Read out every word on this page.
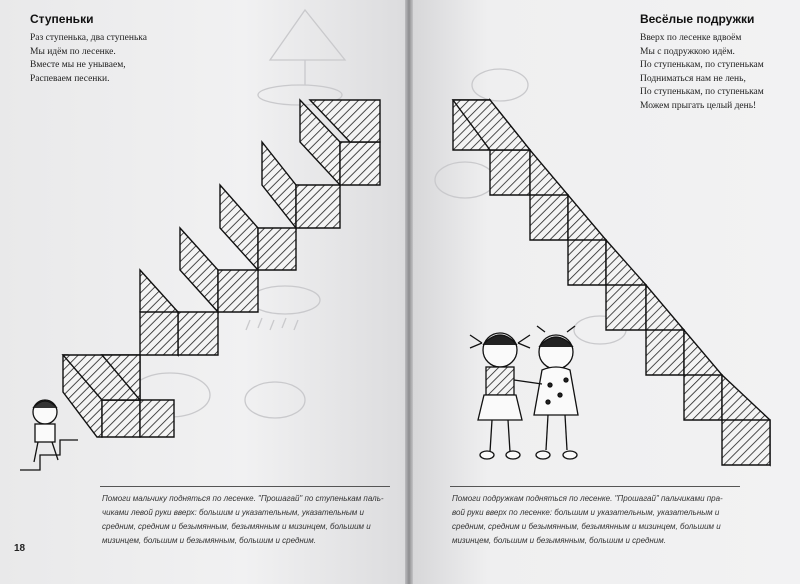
Ступеньки
Раз ступенька, два ступенька
Мы идём по лесенке.
Вместе мы не унываем,
Распеваем песенки.
Помоги мальчику подняться по лесенке. "Прошагай" по ступенькам паль-
чиками левой руки вверх: большим и указательным, указательным и
средним, средним и безымянным, безымянным и мизинцем, большим и
мизинцем, большим и безымянным, большим и средним.
18
Весёлые подружки
Вверх по лесенке вдвоём
Мы с подружкою идём.
По ступенькам, по ступенькам
Подниматься нам не лень,
По ступенькам, по ступенькам
Можем прыгать целый день!
Помоги подружкам подняться по лесенке. "Прошагай" пальчиками пра-
вой руки вверх по лесенке: большим и указательным, указательным и
средним, средним и безымянным, безымянным и мизинцем, большим и
мизинцем, большим и безымянным, большим и средним.
